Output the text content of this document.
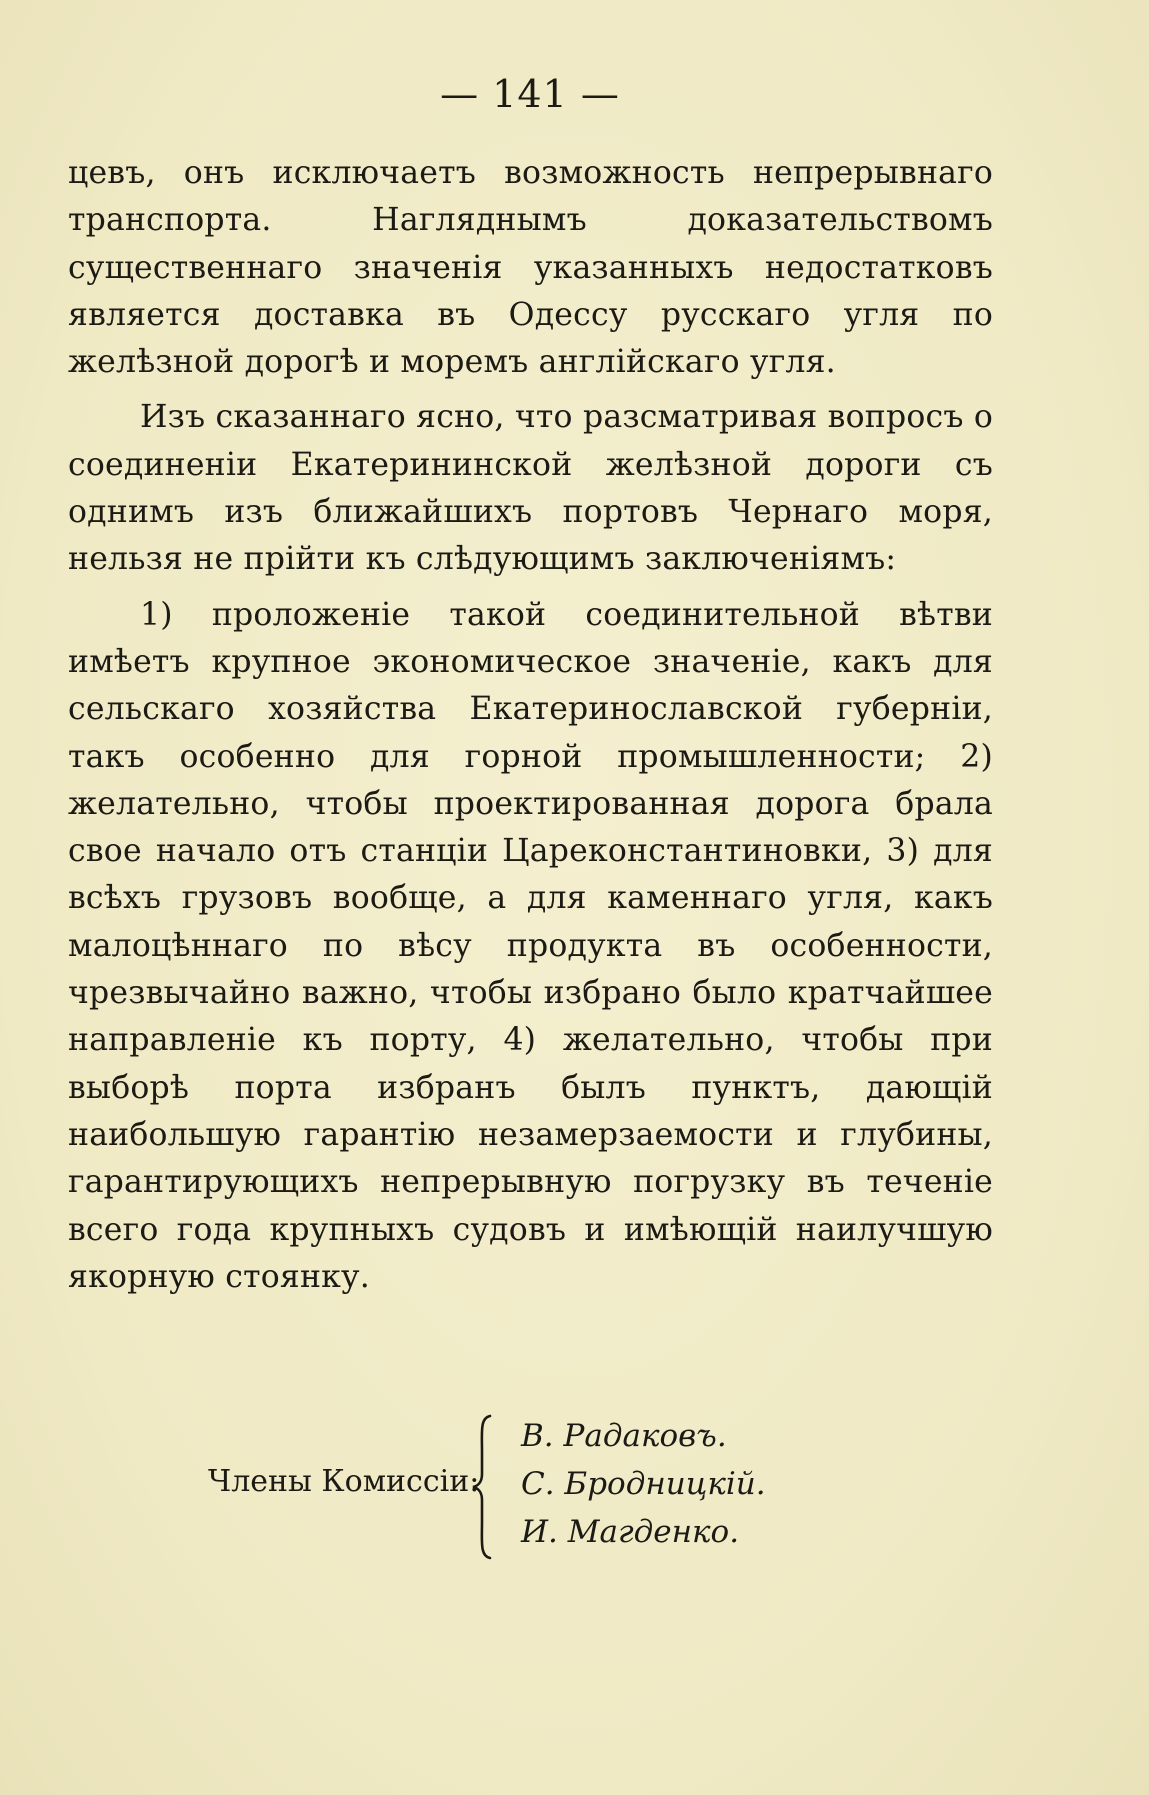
— 141 —

цевъ, онъ исключаетъ возможность непрерывнаго транспорта. Нагляднымъ доказательствомъ существеннаго значенія указанныхъ недостатковъ является доставка въ Одессу русскаго угля по желѣзной дорогѣ и моремъ англійскаго угля.

Изъ сказаннаго ясно, что разсматривая вопросъ о соединеніи Екатерининской желѣзной дороги съ однимъ изъ ближайшихъ портовъ Чернаго моря, нельзя не прійти къ слѣдующимъ заключеніямъ:

1) проложеніе такой соединительной вѣтви имѣетъ крупное экономическое значеніе, какъ для сельскаго хозяйства Екатеринославской губерніи, такъ особенно для горной промышленности; 2) желательно, чтобы проектированная дорога брала свое начало отъ станціи Цареконстантиновки, 3) для всѣхъ грузовъ вообще, а для каменнаго угля, какъ малоцѣннаго по вѣсу продукта въ особенности, чрезвычайно важно, чтобы избрано было кратчайшее направленіе къ порту, 4) желательно, чтобы при выборѣ порта избранъ былъ пунктъ, дающій наибольшую гарантію незамерзаемости и глубины, гарантирующихъ непрерывную погрузку въ теченіе всего года крупныхъ судовъ и имѣющій наилучшую якорную стоянку.

Члены Комиссіи:
В. Радаковъ.
С. Бродницкій.
И. Магденко.
